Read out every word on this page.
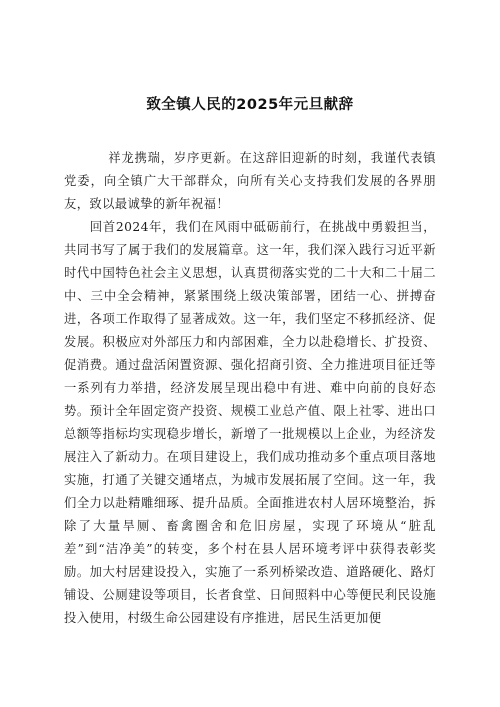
致全镇人民的2025年元旦献辞

祥龙携瑞，岁序更新。在这辞旧迎新的时刻，我谨代表镇党委，向全镇广大干部群众，向所有关心支持我们发展的各界朋友，致以最诚挚的新年祝福！

回首2024年，我们在风雨中砥砺前行，在挑战中勇毅担当，共同书写了属于我们的发展篇章。这一年，我们深入践行习近平新时代中国特色社会主义思想，认真贯彻落实党的二十大和二十届二中、三中全会精神，紧紧围绕上级决策部署，团结一心、拼搏奋进，各项工作取得了显著成效。这一年，我们坚定不移抓经济、促发展。积极应对外部压力和内部困难，全力以赴稳增长、扩投资、促消费。通过盘活闲置资源、强化招商引资、全力推进项目征迁等一系列有力举措，经济发展呈现出稳中有进、难中向前的良好态势。预计全年固定资产投资、规模工业总产值、限上社零、进出口总额等指标均实现稳步增长，新增了一批规模以上企业，为经济发展注入了新动力。在项目建设上，我们成功推动多个重点项目落地实施，打通了关键交通堵点，为城市发展拓展了空间。这一年，我们全力以赴精雕细琢、提升品质。全面推进农村人居环境整治，拆除了大量旱厕、畜禽圈舍和危旧房屋，实现了环境从“脏乱差”到“洁净美”的转变，多个村在县人居环境考评中获得表彰奖励。加大村居建设投入，实施了一系列桥梁改造、道路硬化、路灯铺设、公厕建设等项目，长者食堂、日间照料中心等便民利民设施投入使用，村级生命公园建设有序推进，居民生活更加便
